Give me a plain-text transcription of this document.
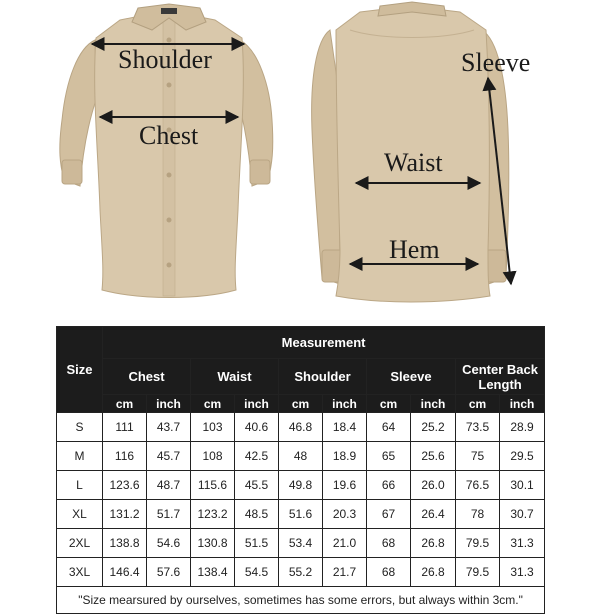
Shoulder
Chest
Sleeve
Waist
Hem
Size	Measurement									
	Chest		Waist		Shoulder		Sleeve		Center Back
Length	
	cm	inch	cm	inch	cm	inch	cm	inch	cm	inch
S	111	43.7	103	40.6	46.8	18.4	64	25.2	73.5	28.9
M	116	45.7	108	42.5	48	18.9	65	25.6	75	29.5
L	123.6	48.7	115.6	45.5	49.8	19.6	66	26.0	76.5	30.1
XL	131.2	51.7	123.2	48.5	51.6	20.3	67	26.4	78	30.7
2XL	138.8	54.6	130.8	51.5	53.4	21.0	68	26.8	79.5	31.3
3XL	146.4	57.6	138.4	54.5	55.2	21.7	68	26.8	79.5	31.3
"Size mearsured by ourselves, sometimes has some errors, but always within 3cm."										
